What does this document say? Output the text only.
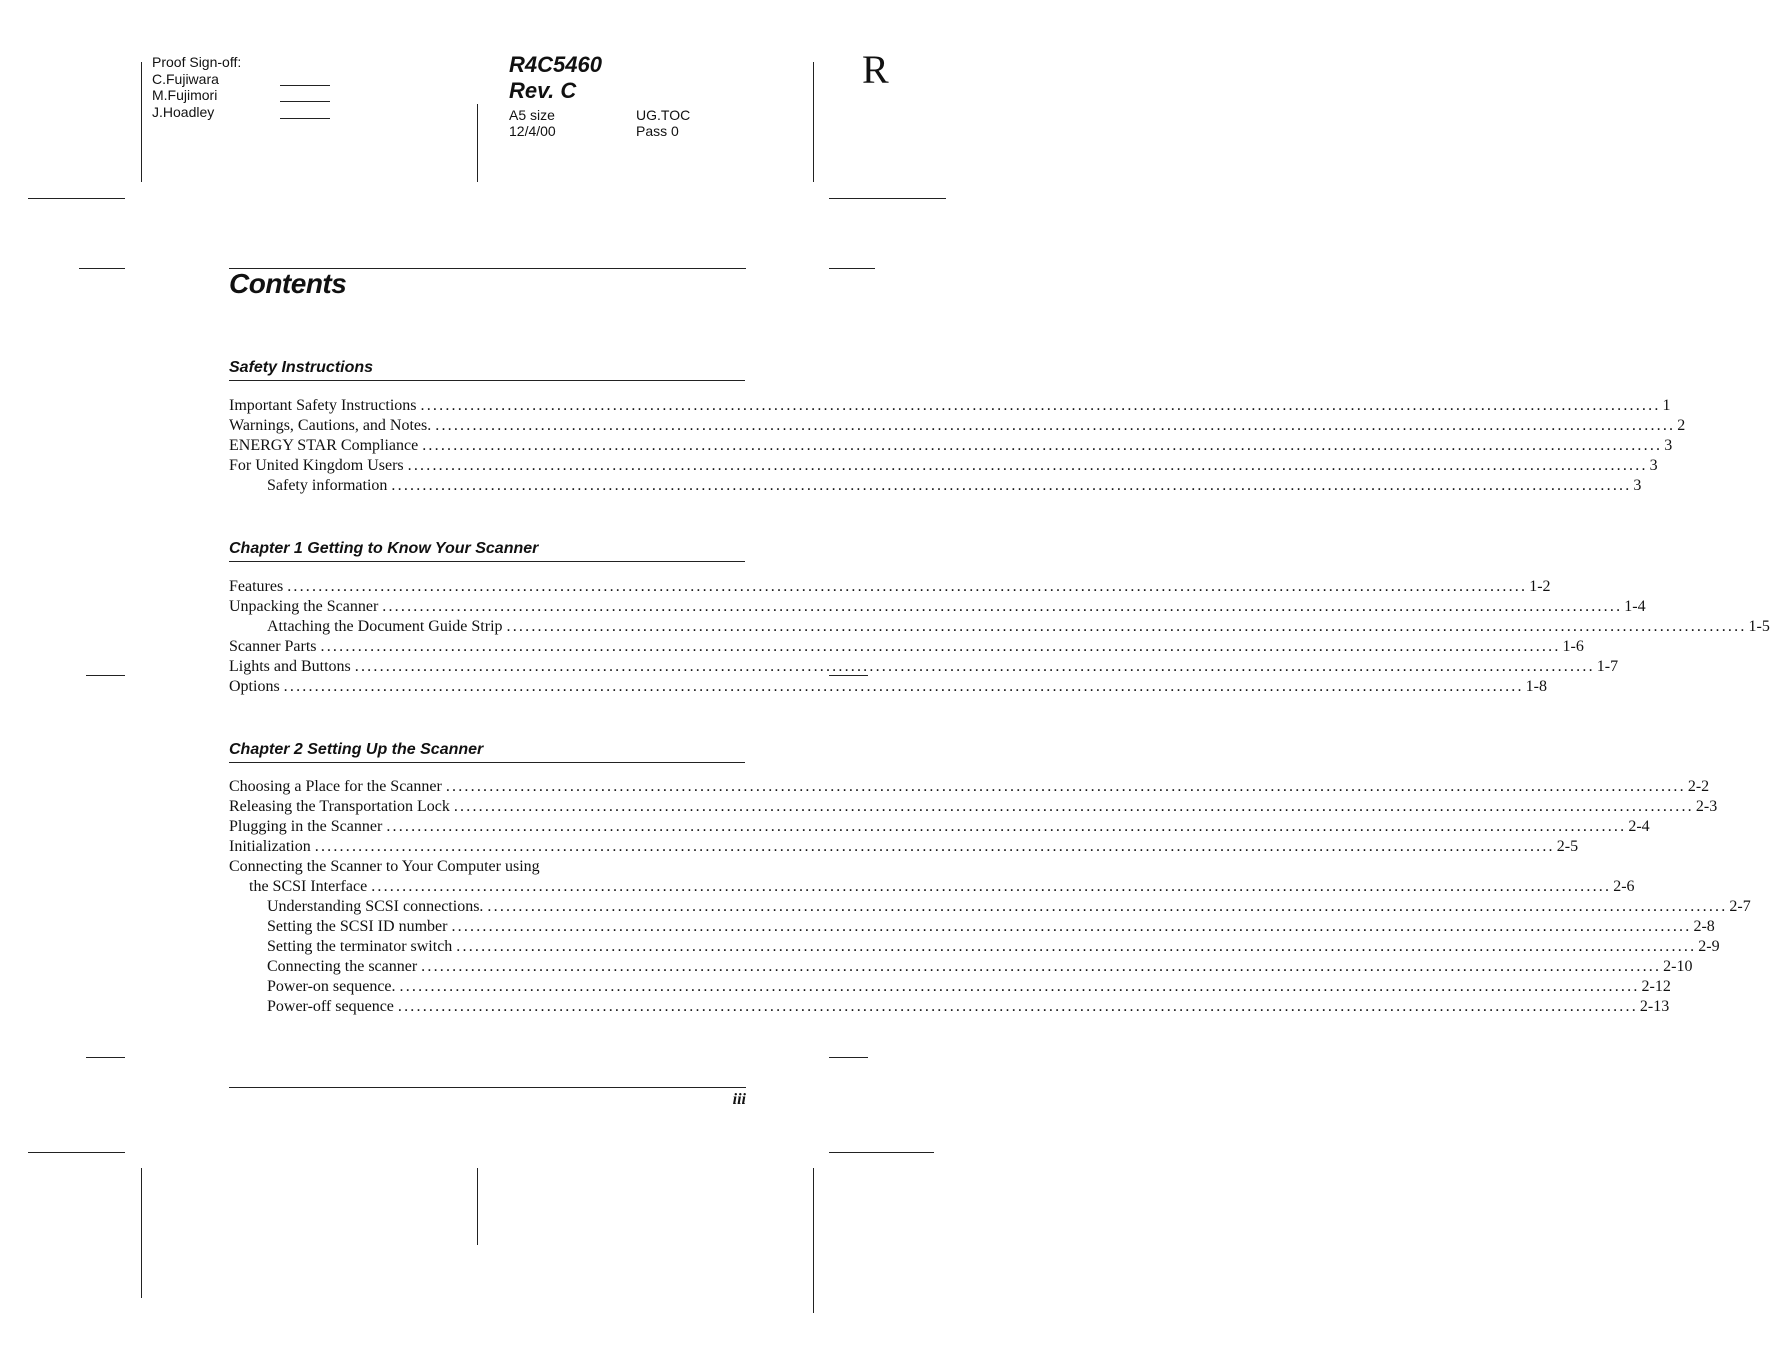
Proof Sign-off:
C.Fujiwara
M.Fujimori
J.Hoadley
R4C5460
Rev. C
A5 size
12/4/00
UG.TOC
Pass 0
R
Contents
Safety Instructions
Chapter 1 Getting to Know Your Scanner
Chapter 2 Setting Up the Scanner
Important Safety Instructions ........................................................................................................................................................................................................ 1
Warnings, Cautions, and Notes. ........................................................................................................................................................................................................ 2
ENERGY STAR Compliance ........................................................................................................................................................................................................ 3
For United Kingdom Users ........................................................................................................................................................................................................ 3
Safety information ........................................................................................................................................................................................................ 3
Features ........................................................................................................................................................................................................ 1-2
Unpacking the Scanner ........................................................................................................................................................................................................ 1-4
Attaching the Document Guide Strip ........................................................................................................................................................................................................ 1-5
Scanner Parts ........................................................................................................................................................................................................ 1-6
Lights and Buttons ........................................................................................................................................................................................................ 1-7
Options ........................................................................................................................................................................................................ 1-8
Choosing a Place for the Scanner ........................................................................................................................................................................................................ 2-2
Releasing the Transportation Lock ........................................................................................................................................................................................................ 2-3
Plugging in the Scanner ........................................................................................................................................................................................................ 2-4
Initialization ........................................................................................................................................................................................................ 2-5
Connecting the Scanner to Your Computer using
the SCSI Interface ........................................................................................................................................................................................................ 2-6
Understanding SCSI connections. ........................................................................................................................................................................................................ 2-7
Setting the SCSI ID number ........................................................................................................................................................................................................ 2-8
Setting the terminator switch ........................................................................................................................................................................................................ 2-9
Connecting the scanner ........................................................................................................................................................................................................ 2-10
Power-on sequence. ........................................................................................................................................................................................................ 2-12
Power-off sequence ........................................................................................................................................................................................................ 2-13
iii
